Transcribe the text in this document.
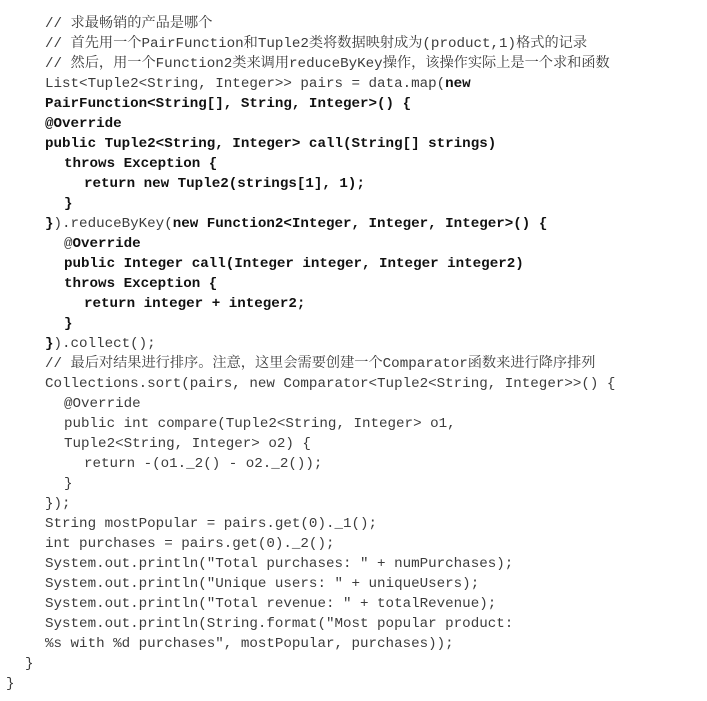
// 求最畅销的产品是哪个
// 首先用一个PairFunction和Tuple2类将数据映射成为(product,1)格式的记录
// 然后，用一个Function2类来调用reduceByKey操作，该操作实际上是一个求和函数
List<Tuple2<String, Integer>> pairs = data.map(new
PairFunction<String[], String, Integer>() {
@Override
public Tuple2<String, Integer> call(String[] strings)
throws Exception {
return new Tuple2(strings[1], 1);
}
}).reduceByKey(new Function2<Integer, Integer, Integer>() {
@Override
public Integer call(Integer integer, Integer integer2)
throws Exception {
return integer + integer2;
}
}).collect();
// 最后对结果进行排序。注意，这里会需要创建一个Comparator函数来进行降序排列
Collections.sort(pairs, new Comparator<Tuple2<String, Integer>>() {
@Override
public int compare(Tuple2<String, Integer> o1,
Tuple2<String, Integer> o2) {
return -(o1._2() - o2._2());
}
});
String mostPopular = pairs.get(0)._1();
int purchases = pairs.get(0)._2();
System.out.println("Total purchases: " + numPurchases);
System.out.println("Unique users: " + uniqueUsers);
System.out.println("Total revenue: " + totalRevenue);
System.out.println(String.format("Most popular product:
%s with %d purchases", mostPopular, purchases));
}
}
